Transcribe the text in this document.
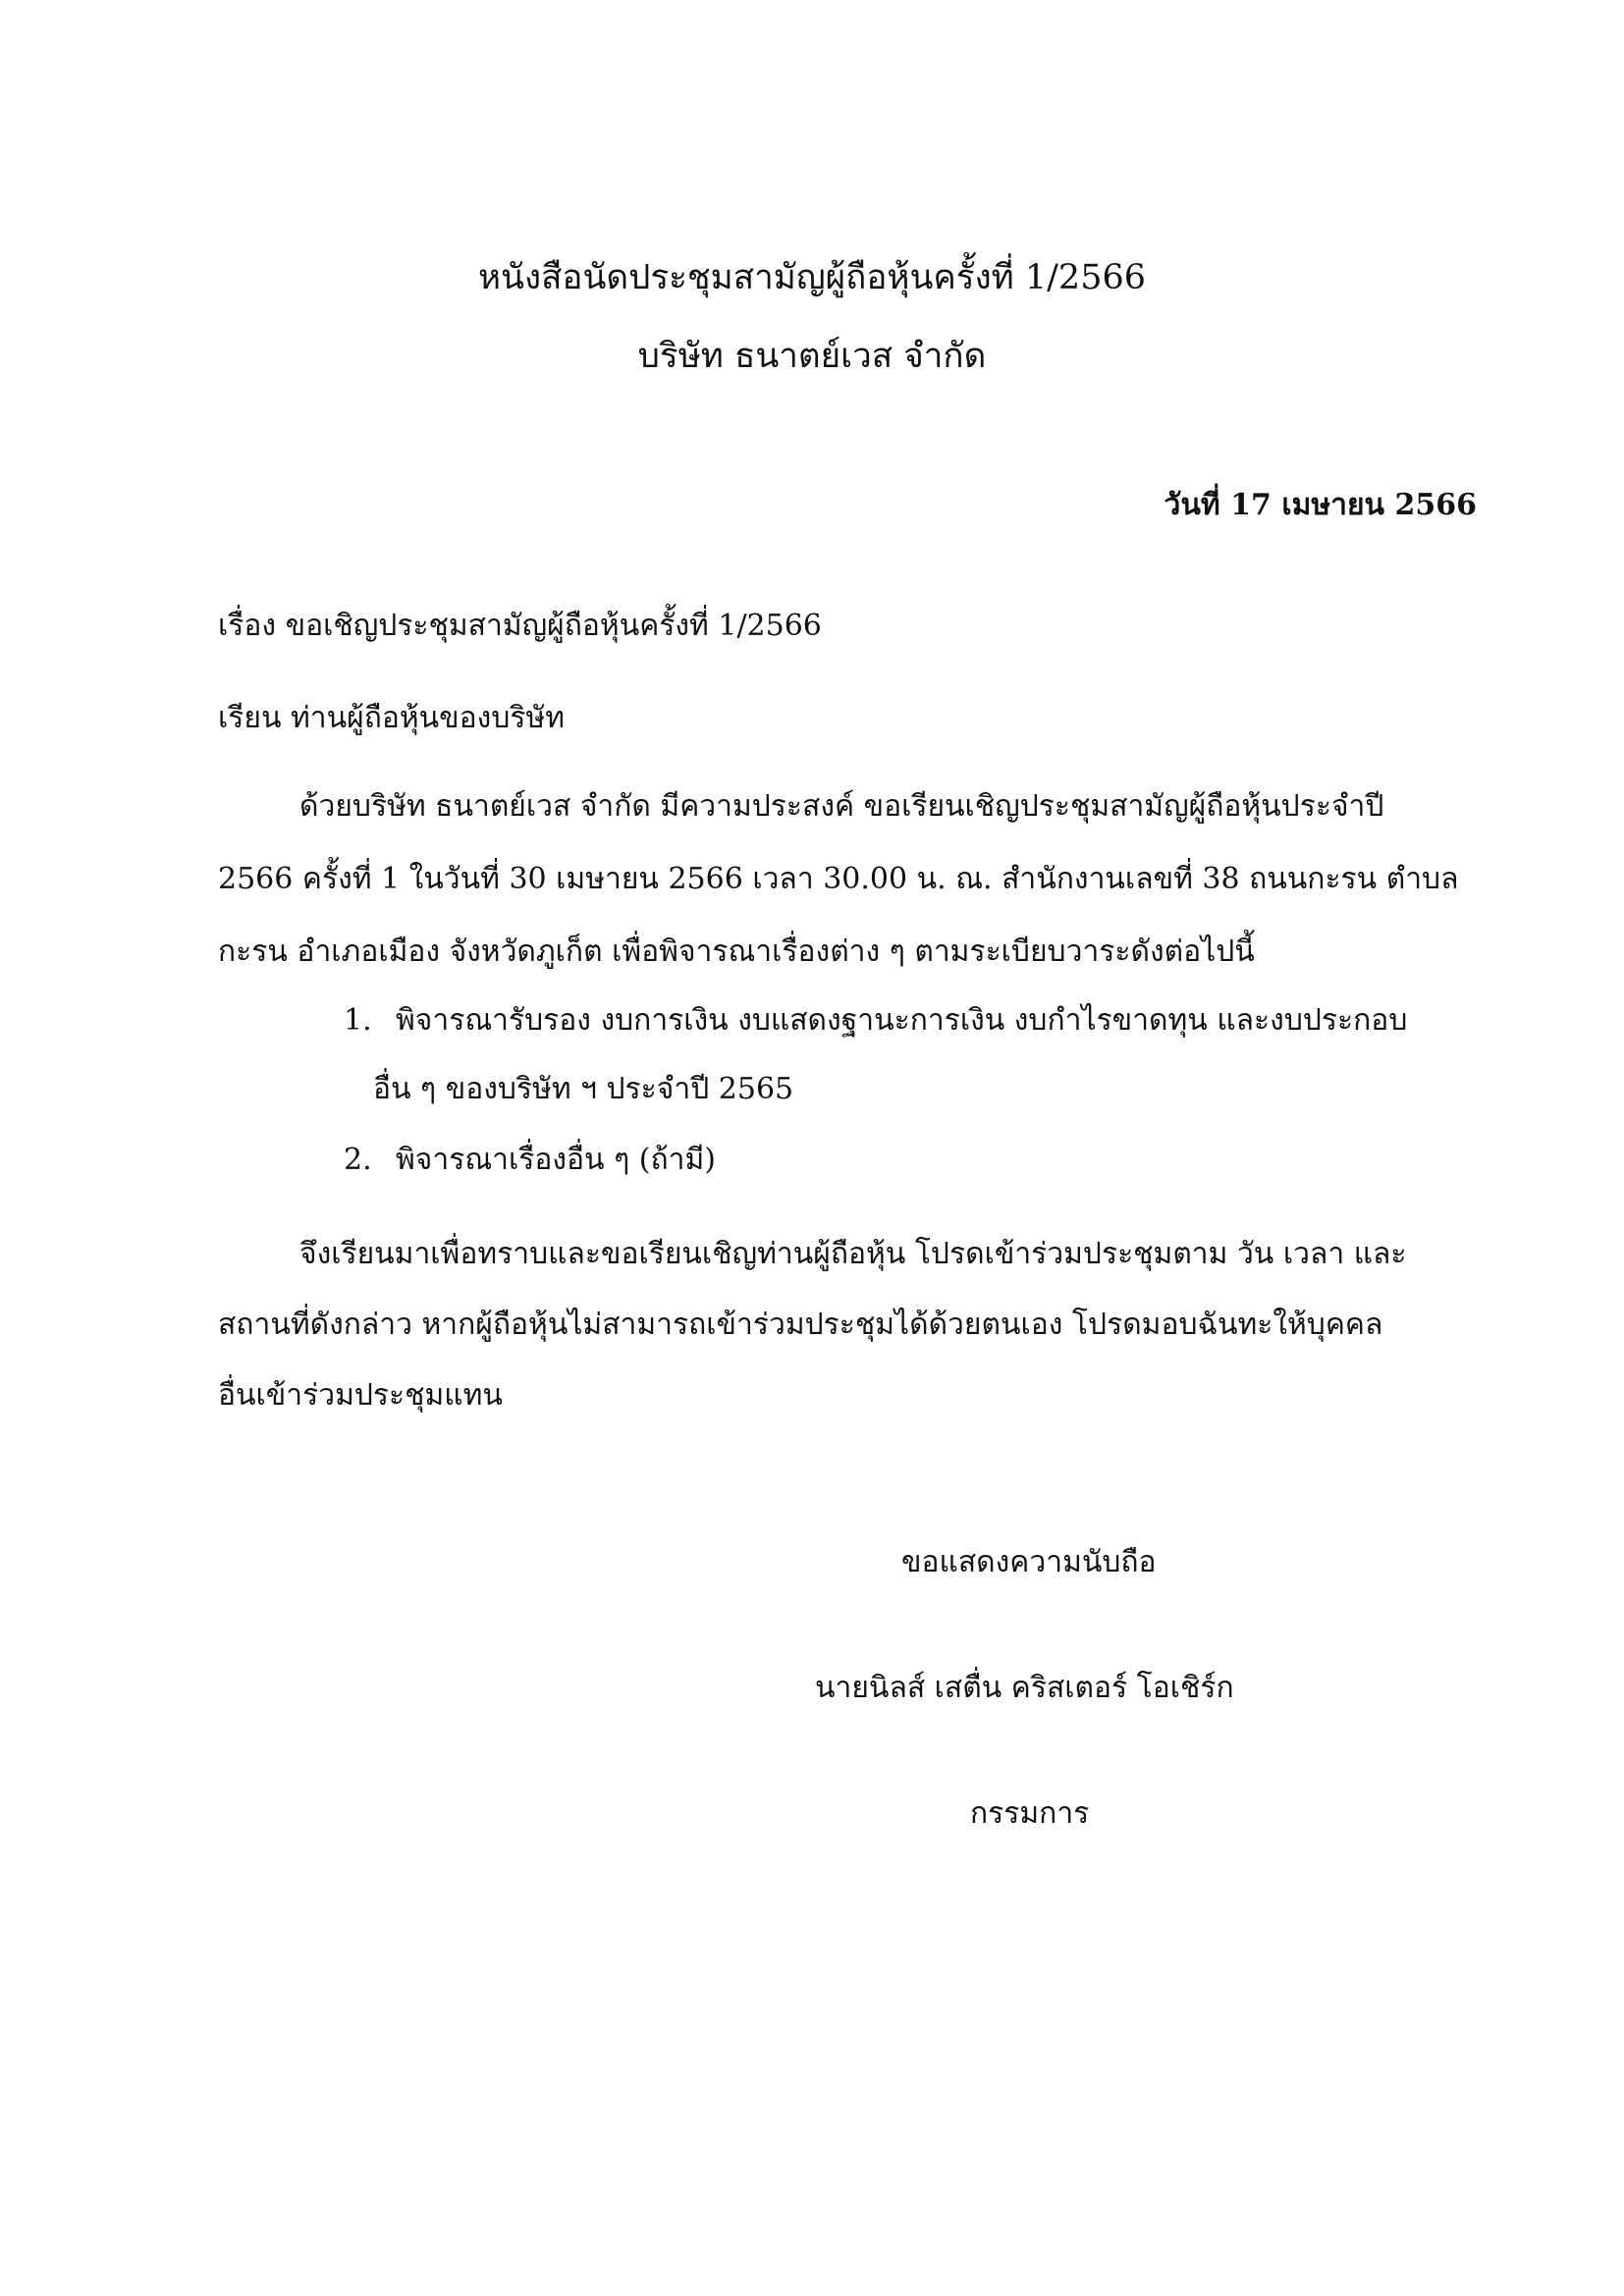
หนังสือนัดประชุมสามัญผู้ถือหุ้นครั้งที่ 1/2566
บริษัท ธนาตย์เวส จำกัด
วันที่ 17 เมษายน 2566
เรื่อง ขอเชิญประชุมสามัญผู้ถือหุ้นครั้งที่ 1/2566
เรียน ท่านผู้ถือหุ้นของบริษัท
ด้วยบริษัท ธนาตย์เวส จำกัด มีความประสงค์ ขอเรียนเชิญประชุมสามัญผู้ถือหุ้นประจำปี
2566 ครั้งที่ 1 ในวันที่ 30 เมษายน 2566 เวลา 30.00 น. ณ. สำนักงานเลขที่ 38 ถนนกะรน ตำบล
กะรน อำเภอเมือง จังหวัดภูเก็ต เพื่อพิจารณาเรื่องต่าง ๆ ตามระเบียบวาระดังต่อไปนี้
1. พิจารณารับรอง งบการเงิน งบแสดงฐานะการเงิน งบกำไรขาดทุน และงบประกอบ
อื่น ๆ ของบริษัท ฯ ประจำปี 2565
2. พิจารณาเรื่องอื่น ๆ (ถ้ามี)
จึงเรียนมาเพื่อทราบและขอเรียนเชิญท่านผู้ถือหุ้น โปรดเข้าร่วมประชุมตาม วัน เวลา และ
สถานที่ดังกล่าว หากผู้ถือหุ้นไม่สามารถเข้าร่วมประชุมได้ด้วยตนเอง โปรดมอบฉันทะให้บุคคล
อื่นเข้าร่วมประชุมแทน
ขอแสดงความนับถือ
นายนิลส์ เสตื่น คริสเตอร์ โอเชิร์ก
กรรมการ
